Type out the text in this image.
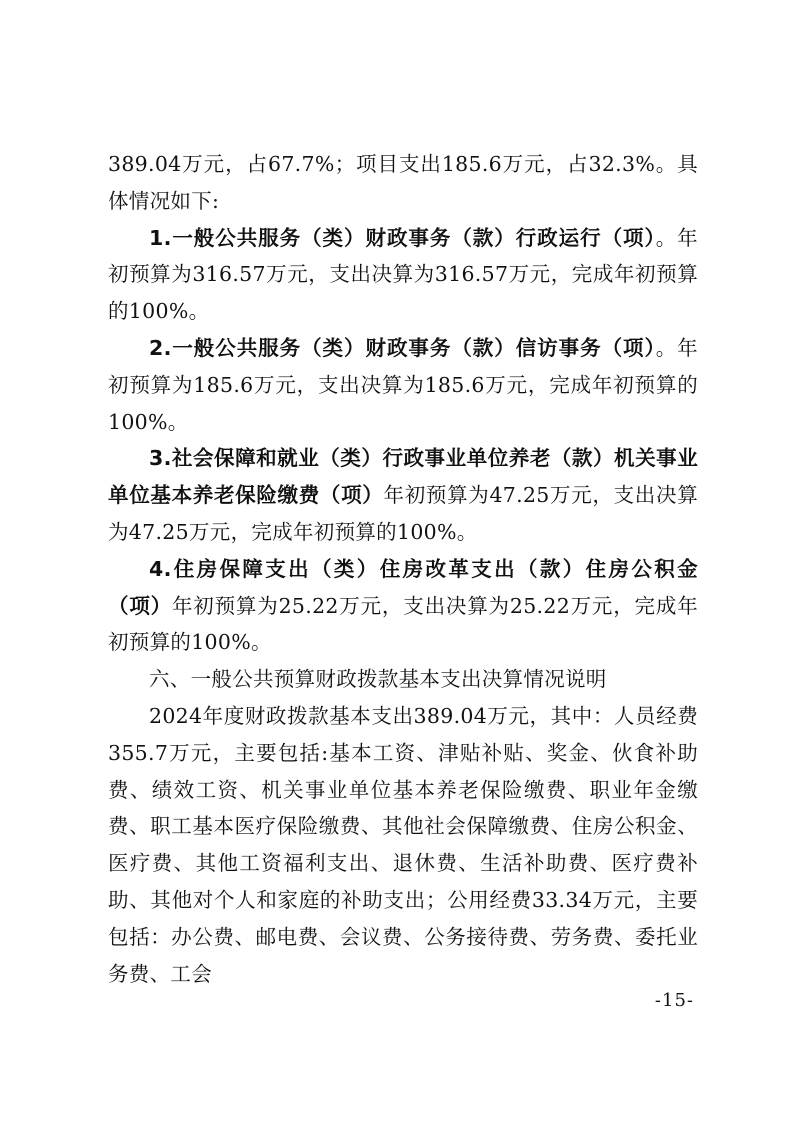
389.04万元，占67.7%；项目支出185.6万元，占32.3%。具体情况如下:

1.一般公共服务（类）财政事务（款）行政运行（项）。年初预算为316.57万元，支出决算为316.57万元，完成年初预算的100%。

2.一般公共服务（类）财政事务（款）信访事务（项）。年初预算为185.6万元，支出决算为185.6万元，完成年初预算的100%。

3.社会保障和就业（类）行政事业单位养老（款）机关事业单位基本养老保险缴费（项）年初预算为47.25万元，支出决算为47.25万元，完成年初预算的100%。

4.住房保障支出（类）住房改革支出（款）住房公积金（项）年初预算为25.22万元，支出决算为25.22万元，完成年初预算的100%。

六、一般公共预算财政拨款基本支出决算情况说明

2024年度财政拨款基本支出389.04万元，其中：人员经费355.7万元，主要包括:基本工资、津贴补贴、奖金、伙食补助费、绩效工资、机关事业单位基本养老保险缴费、职业年金缴费、职工基本医疗保险缴费、其他社会保障缴费、住房公积金、医疗费、其他工资福利支出、退休费、生活补助费、医疗费补助、其他对个人和家庭的补助支出；公用经费33.34万元，主要包括：办公费、邮电费、会议费、公务接待费、劳务费、委托业务费、工会

-15-
